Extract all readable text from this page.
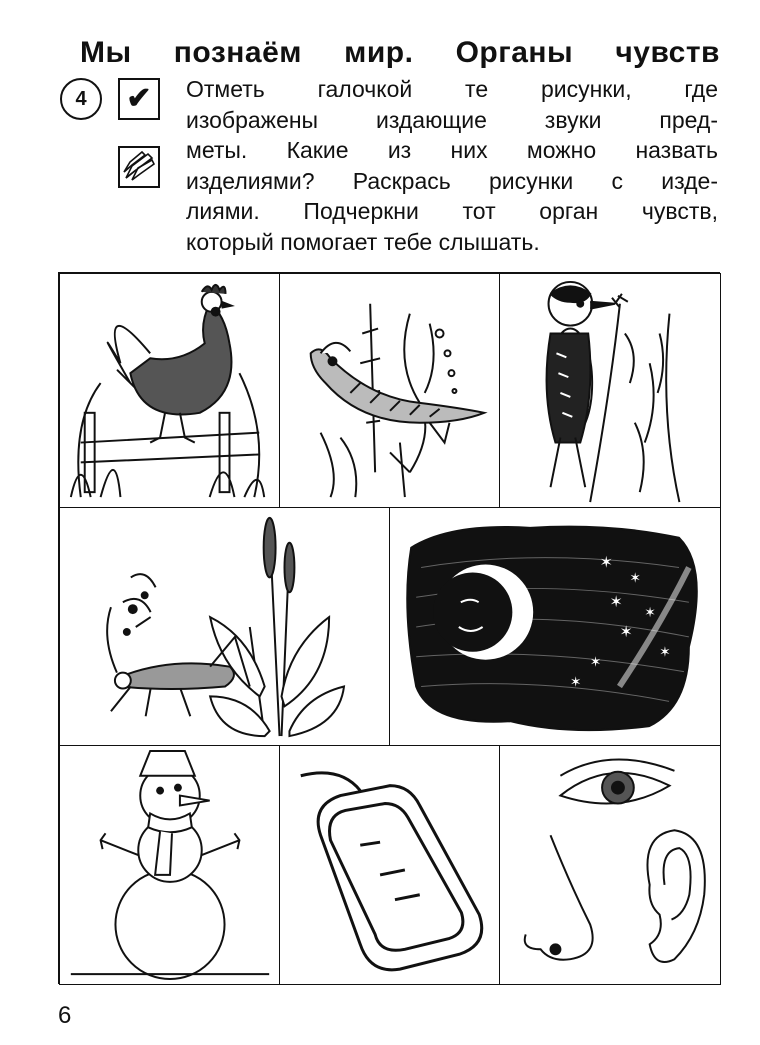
Мы познаём мир. Органы чувств
4	✔	Отметь галочкой те рисунки, где
изображены издающие звуки пред-
меты. Какие из них можно назвать
изделиями? Раскрась рисунки с изде-
лиями. Подчеркни тот орган чувств,
который помогает тебе слышать.
✶
✶
✶
✶
✶
✶
✶
✶
6
